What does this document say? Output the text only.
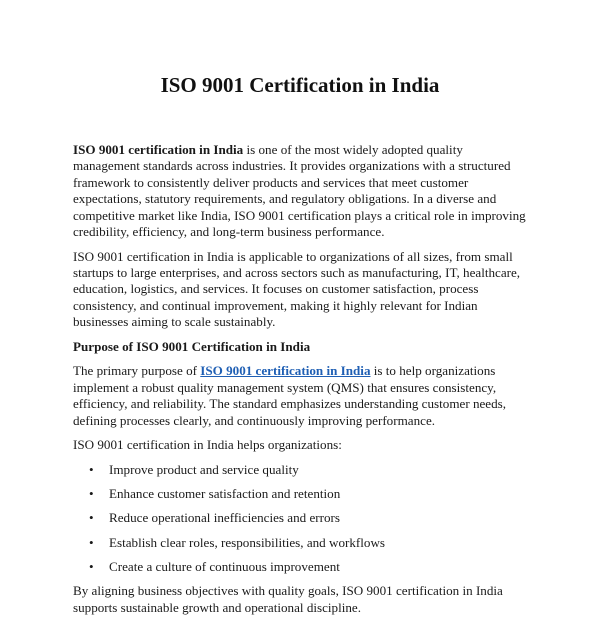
ISO 9001 Certification in India

ISO 9001 certification in India is one of the most widely adopted quality management standards across industries. It provides organizations with a structured framework to consistently deliver products and services that meet customer expectations, statutory requirements, and regulatory obligations. In a diverse and competitive market like India, ISO 9001 certification plays a critical role in improving credibility, efficiency, and long-term business performance.

ISO 9001 certification in India is applicable to organizations of all sizes, from small startups to large enterprises, and across sectors such as manufacturing, IT, healthcare, education, logistics, and services. It focuses on customer satisfaction, process consistency, and continual improvement, making it highly relevant for Indian businesses aiming to scale sustainably.

Purpose of ISO 9001 Certification in India

The primary purpose of ISO 9001 certification in India is to help organizations implement a robust quality management system (QMS) that ensures consistency, efficiency, and reliability. The standard emphasizes understanding customer needs, defining processes clearly, and continuously improving performance.

ISO 9001 certification in India helps organizations:

• Improve product and service quality
• Enhance customer satisfaction and retention
• Reduce operational inefficiencies and errors
• Establish clear roles, responsibilities, and workflows
• Create a culture of continuous improvement

By aligning business objectives with quality goals, ISO 9001 certification in India supports sustainable growth and operational discipline.
